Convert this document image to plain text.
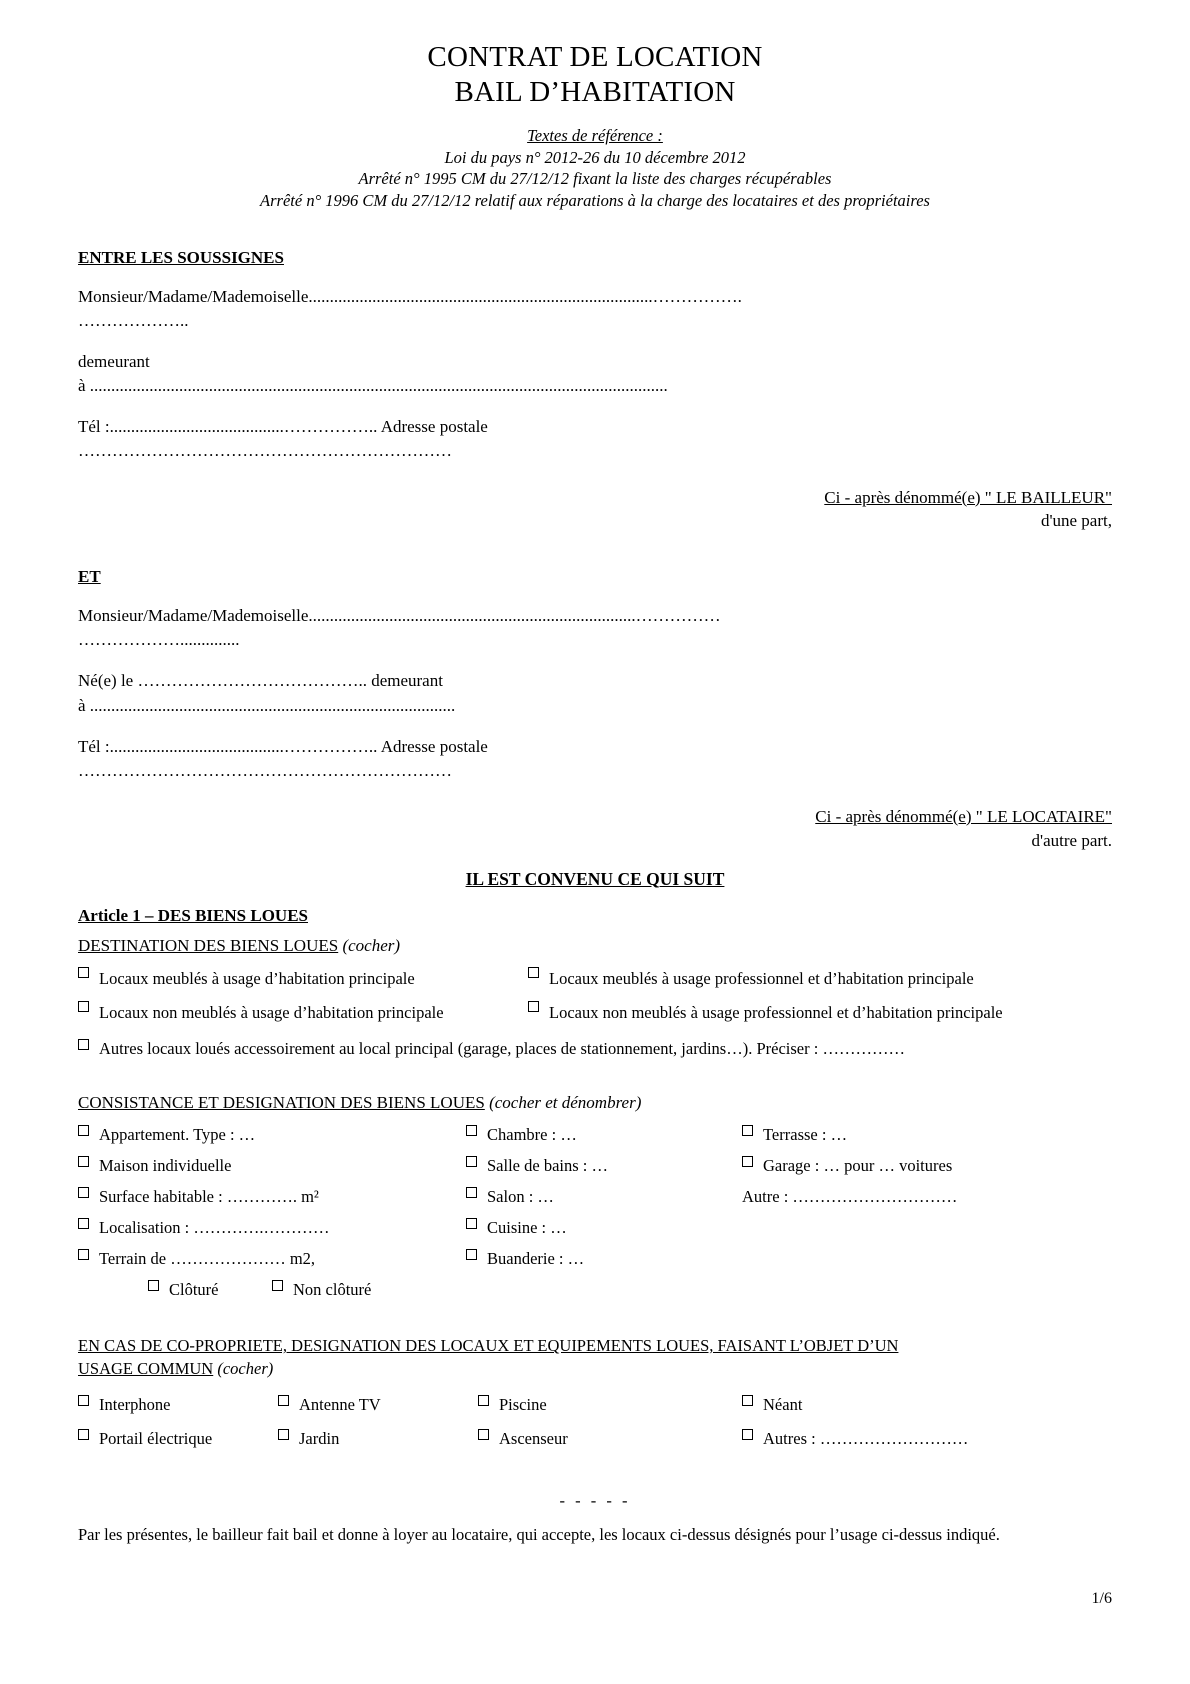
CONTRAT DE LOCATION
BAIL D’HABITATION
Textes de référence :
Loi du pays n° 2012-26 du 10 décembre 2012
Arrêté n° 1995 CM du 27/12/12 fixant la liste des charges récupérables
Arrêté n° 1996 CM du 27/12/12 relatif aux réparations à la charge des locataires et des propriétaires
ENTRE LES SOUSSIGNES
Monsieur/Madame/Mademoiselle.................................................................................…………….
………………..
demeurant
à ........................................................................................................................................
Tél :.........................................…………….. Adresse postale
…………………………………………………………
Ci - après dénommé(e) " LE BAILLEUR"
d'une part,
ET
Monsieur/Madame/Mademoiselle.............................................................................……………
………………..............
Né(e) le ………………………………….. demeurant
à ......................................................................................
Tél :.........................................…………….. Adresse postale
…………………………………………………………
Ci - après dénommé(e) " LE LOCATAIRE"
d'autre part.
IL EST CONVENU CE QUI SUIT
Article 1 – DES BIENS LOUES
DESTINATION DES BIENS LOUES (cocher)
Locaux meublés à usage d’habitation principale	Locaux meublés à usage professionnel et d’habitation principale
Locaux non meublés à usage d’habitation principale	Locaux non meublés à usage professionnel et d’habitation principale
Autres locaux loués accessoirement au local principal (garage, places de stationnement, jardins…). Préciser : ……………
CONSISTANCE ET DESIGNATION DES BIENS LOUES (cocher et dénombrer)
Appartement. Type : …	Chambre : …	Terrasse : …
Maison individuelle	Salle de bains : …	Garage : … pour … voitures
Surface habitable : …………. m²	Salon : …	Autre : …………………………
Localisation : ………….…………	Cuisine : …
Terrain de ………………… m2,	Buanderie : …
Clôturé	Non clôturé
EN CAS DE CO-PROPRIETE, DESIGNATION DES LOCAUX ET EQUIPEMENTS LOUES, FAISANT L’OBJET D’UN
USAGE COMMUN (cocher)
Interphone	Antenne TV	Piscine	Néant
Portail électrique	Jardin	Ascenseur	Autres : ………………………
- - - - -
Par les présentes, le bailleur fait bail et donne à loyer au locataire, qui accepte, les locaux ci-dessus désignés pour l’usage ci-dessus indiqué.
1/6
